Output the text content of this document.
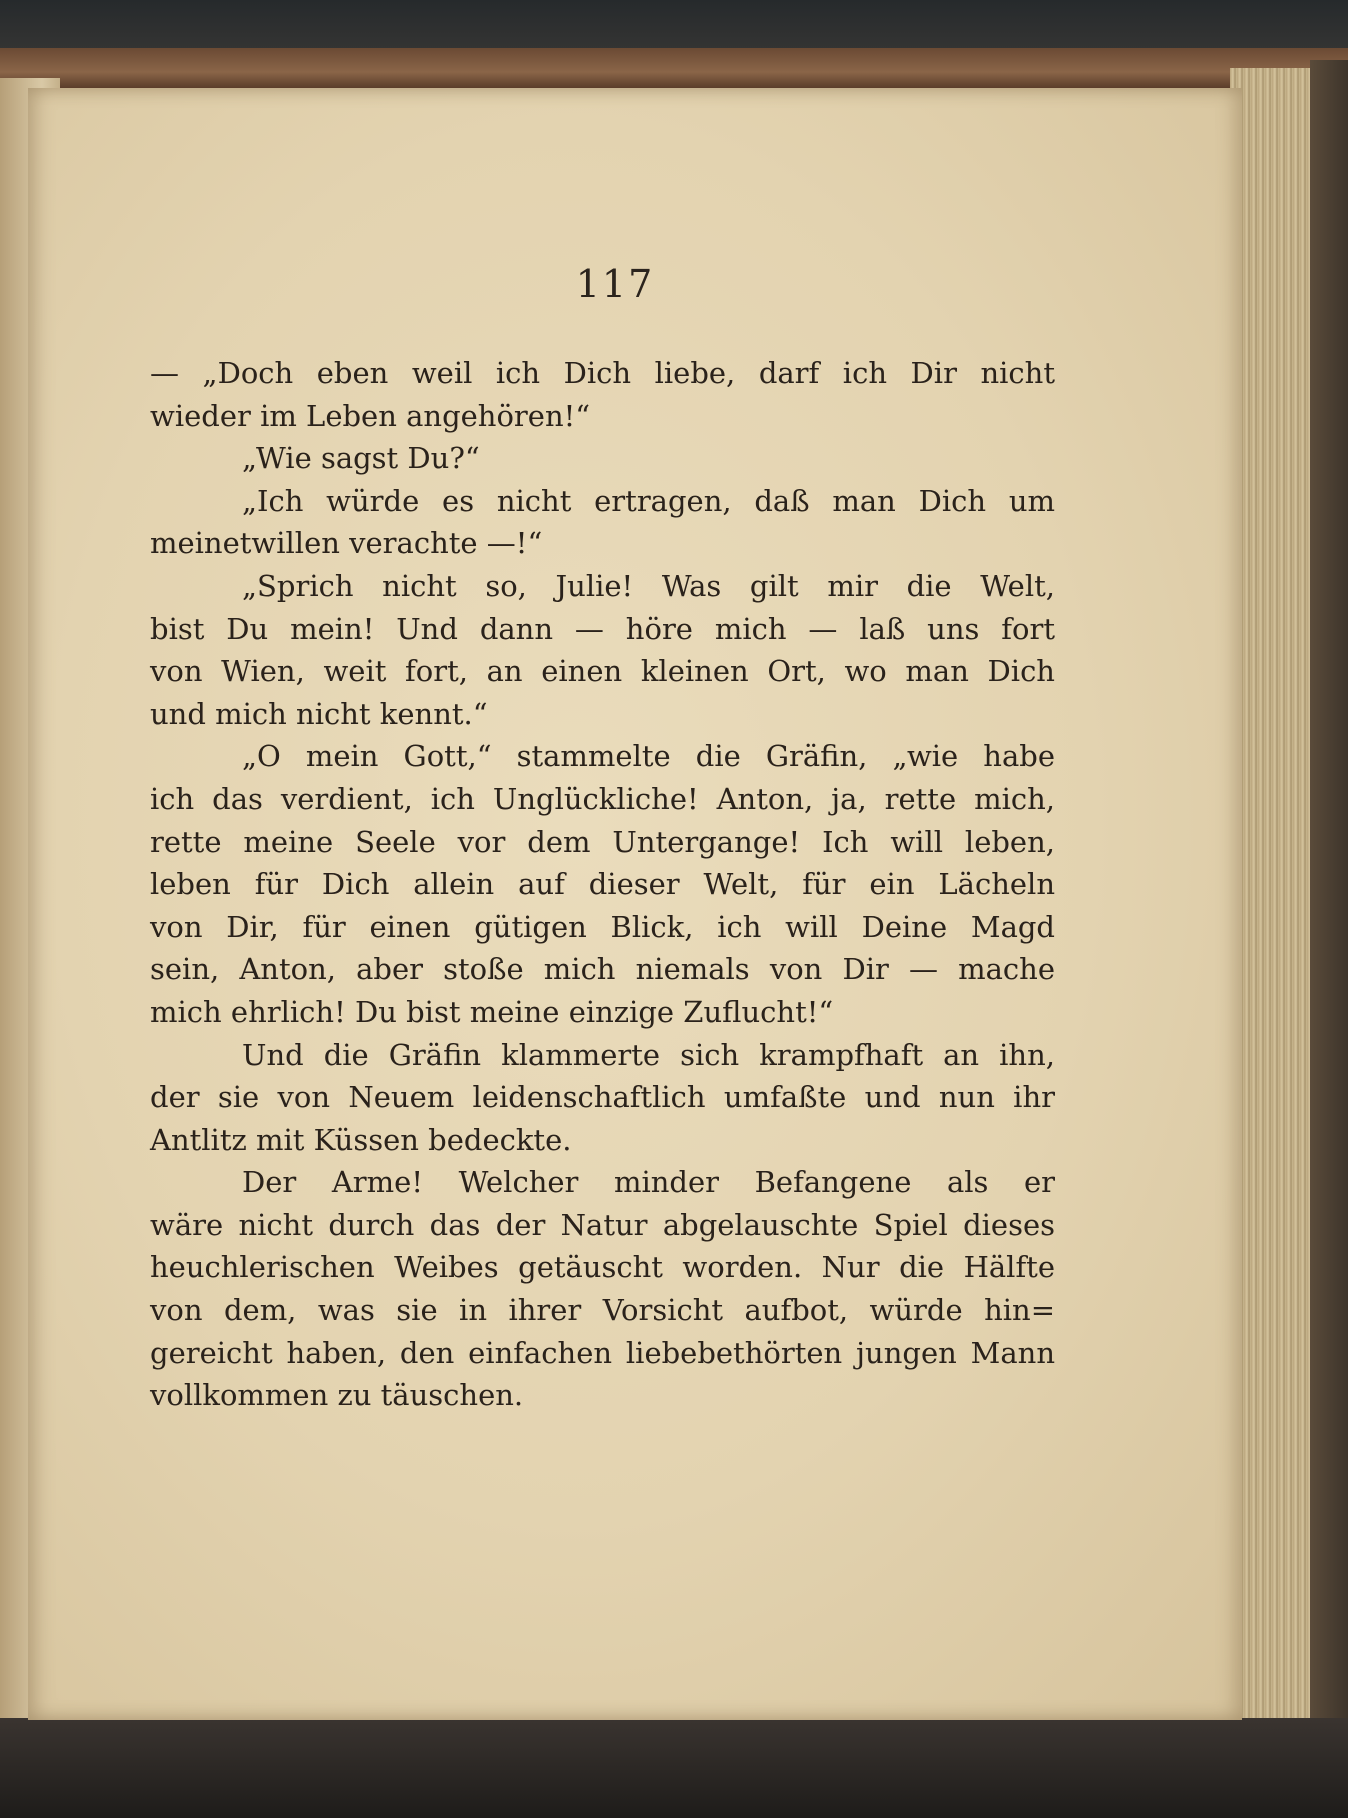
117
— „Doch eben weil ich Dich liebe, darf ich Dir nicht
wieder im Leben angehören!“
„Wie sagst Du?“
„Ich würde es nicht ertragen, daß man Dich um
meinetwillen verachte —!“
„Sprich nicht so, Julie! Was gilt mir die Welt,
bist Du mein! Und dann — höre mich — laß uns fort
von Wien, weit fort, an einen kleinen Ort, wo man Dich
und mich nicht kennt.“
„O mein Gott,“ stammelte die Gräfin, „wie habe
ich das verdient, ich Unglückliche! Anton, ja, rette mich,
rette meine Seele vor dem Untergange! Ich will leben,
leben für Dich allein auf dieser Welt, für ein Lächeln
von Dir, für einen gütigen Blick, ich will Deine Magd
sein, Anton, aber stoße mich niemals von Dir — mache
mich ehrlich! Du bist meine einzige Zuflucht!“
Und die Gräfin klammerte sich krampfhaft an ihn,
der sie von Neuem leidenschaftlich umfaßte und nun ihr
Antlitz mit Küssen bedeckte.
Der Arme! Welcher minder Befangene als er
wäre nicht durch das der Natur abgelauschte Spiel dieses
heuchlerischen Weibes getäuscht worden. Nur die Hälfte
von dem, was sie in ihrer Vorsicht aufbot, würde hin=
gereicht haben, den einfachen liebebethörten jungen Mann
vollkommen zu täuschen.
